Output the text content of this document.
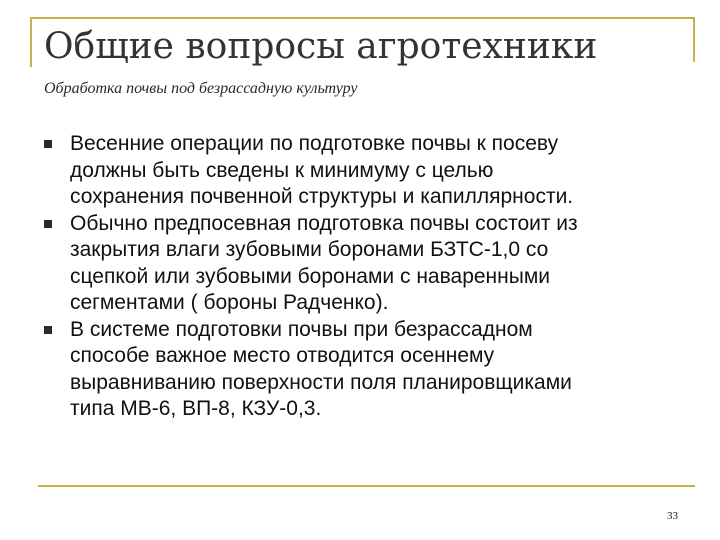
Общие вопросы агротехники
Обработка почвы под безрассадную культуру
Весенние операции по подготовке почвы к посеву
должны быть сведены к минимуму с целью
сохранения почвенной структуры и капиллярности.
Обычно предпосевная подготовка почвы состоит из
закрытия влаги зубовыми боронами БЗТС-1,0 со
сцепкой или зубовыми боронами с наваренными
сегментами ( бороны Радченко).
В системе подготовки почвы при безрассадном
способе важное место отводится осеннему
выравниванию поверхности поля планировщиками
типа МВ-6, ВП-8, КЗУ-0,3.
33
